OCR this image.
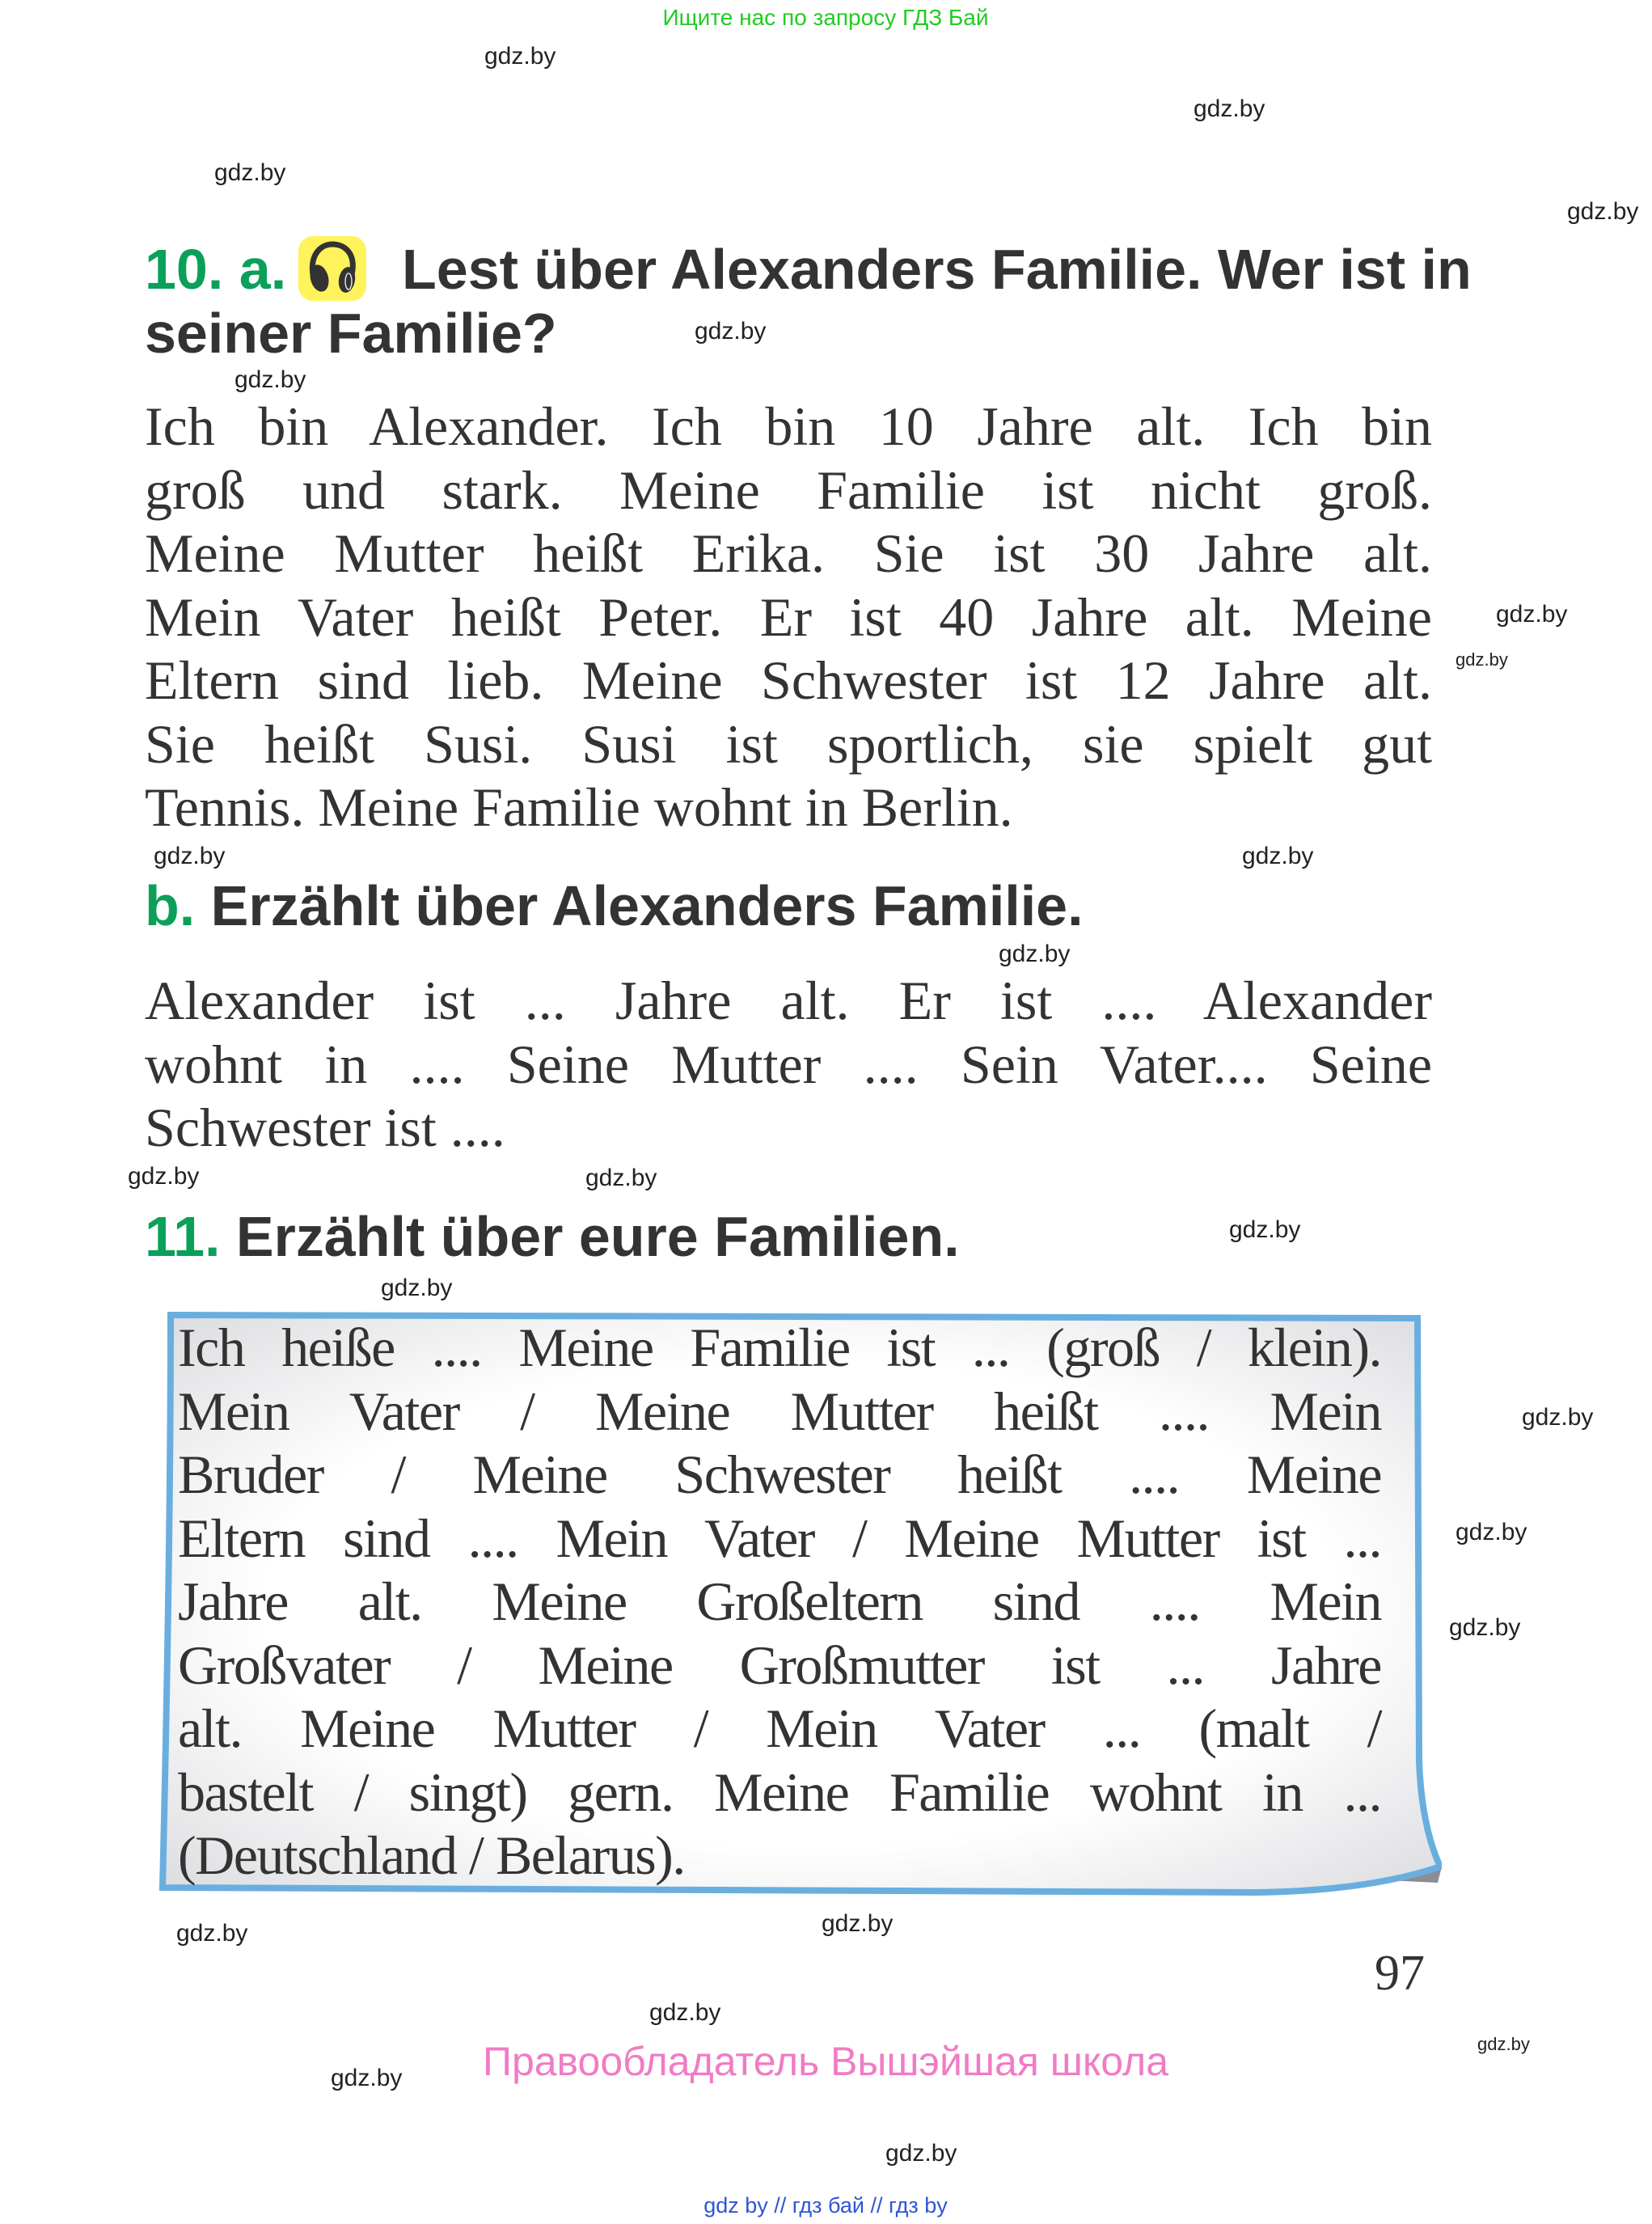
Ищите нас по запросу ГДЗ Бай
10. a. Lest über Alexanders Familie. Wer ist in
seiner Familie?
Ich bin Alexander. Ich bin 10 Jahre alt. Ich bin
groß und stark. Meine Familie ist nicht groß.
Meine Mutter heißt Erika. Sie ist 30 Jahre alt.
Mein Vater heißt Peter. Er ist 40 Jahre alt. Meine
Eltern sind lieb. Meine Schwester ist 12 Jahre alt.
Sie heißt Susi. Susi ist sportlich, sie spielt gut
Tennis. Meine Familie wohnt in Berlin.
b. Erzählt über Alexanders Familie.
Alexander ist ... Jahre alt. Er ist .... Alexander
wohnt in .... Seine Mutter .... Sein Vater.... Seine
Schwester ist ....
11. Erzählt über eure Familien.
Ich heiße .... Meine Familie ist ... (groß / klein).
Mein Vater / Meine Mutter heißt .... Mein
Bruder / Meine Schwester heißt .... Meine
Eltern sind .... Mein Vater / Meine Mutter ist ...
Jahre alt. Meine Großeltern sind .... Mein
Großvater / Meine Großmutter ist ... Jahre
alt. Meine Mutter / Mein Vater ... (malt /
bastelt / singt) gern. Meine Familie wohnt in ...
(Deutschland / Belarus).
97
Правообладатель Вышэйшая школа
gdz by // гдз бай // гдз by
gdz.by
gdz.by
gdz.by
gdz.by
gdz.by
gdz.by
gdz.by
gdz.by
gdz.by
gdz.by
gdz.by
gdz.by
gdz.by
gdz.by
gdz.by
gdz.by
gdz.by
gdz.by
gdz.by
gdz.by
gdz.by
gdz.by
gdz.by
gdz.by
